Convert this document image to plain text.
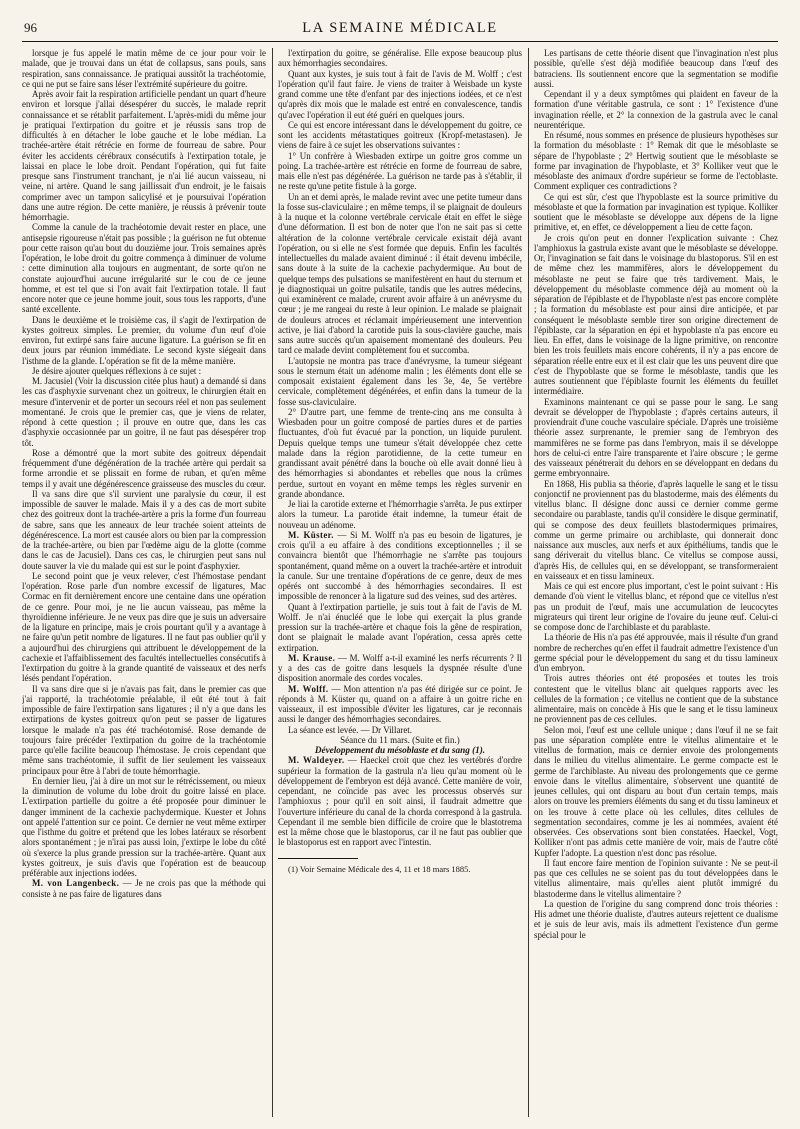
96	LA SEMAINE MÉDICALE

lorsque je fus appelé le matin même de ce jour pour voir le malade, que je trouvai dans un état de collapsus, sans pouls, sans respiration, sans connaissance. Je pratiquai aussitôt la trachéotomie, ce qui ne put se faire sans léser l'extrémité supérieure du goitre.

Après avoir fait la respiration artificielle pendant un quart d'heure environ et lorsque j'allai désespérer du succès, le malade reprit connaissance et se rétablit parfaitement. L'après-midi du même jour je pratiquai l'extirpation du goitre et je réussis sans trop de difficultés à en détacher le lobe gauche et le lobe médian. La trachée-artère était rétrécie en forme de fourreau de sabre. Pour éviter les accidents cérébraux consécutifs à l'extirpation totale, je laissai en place le lobe droit. Pendant l'opération, qui fut faite presque sans l'instrument tranchant, je n'ai lié aucun vaisseau, ni veine, ni artère. Quand le sang jaillissait d'un endroit, je le faisais comprimer avec un tampon salicylisé et je poursuivai l'opération dans une autre région. De cette manière, je réussis à prévenir toute hémorrhagie.

Comme la canule de la trachéotomie devait rester en place, une antisepsie rigoureuse n'était pas possible ; la guérison ne fut obtenue pour cette raison qu'au bout du douzième jour. Trois semaines après l'opération, le lobe droit du goitre commença à diminuer de volume : cette diminution alla toujours en augmentant, de sorte qu'on ne constate aujourd'hui aucune irrégularité sur le cou de ce jeune homme, et est tel que si l'on avait fait l'extirpation totale. Il faut encore noter que ce jeune homme jouit, sous tous les rapports, d'une santé excellente.

Dans le deuxième et le troisième cas, il s'agit de l'extirpation de kystes goitreux simples. Le premier, du volume d'un œuf d'oie environ, fut extirpé sans faire aucune ligature. La guérison se fit en deux jours par réunion immédiate. Le second kyste siégeait dans l'isthme de la glande. L'opération se fit de la même manière.

Je désire ajouter quelques réflexions à ce sujet :

M. Jacusiel (Voir la discussion citée plus haut) a demandé si dans les cas d'asphyxie survenant chez un goitreux, le chirurgien était en mesure d'intervenir et de porter un secours réel et non pas seulement momentané. Je crois que le premier cas, que je viens de relater, répond à cette question ; il prouve en outre que, dans les cas d'asphyxie occasionnée par un goitre, il ne faut pas désespérer trop tôt.

Rose a démontré que la mort subite des goitreux dépendait fréquemment d'une dégénération de la trachée artère qui perdait sa forme arrondie et se plissait en forme de ruban, et qu'en même temps il y avait une dégénérescence graisseuse des muscles du cœur.

Il va sans dire que s'il survient une paralysie du cœur, il est impossible de sauver le malade. Mais il y a des cas de mort subite chez des goitreux dont la trachée-artère a pris la forme d'un fourreau de sabre, sans que les anneaux de leur trachée soient atteints de dégénérescence. La mort est causée alors ou bien par la compression de la trachée-artère, ou bien par l'œdème aigu de la glotte (comme dans le cas de Jacusiel). Dans ces cas, le chirurgien peut sans nul doute sauver la vie du malade qui est sur le point d'asphyxier.

Le second point que je veux relever, c'est l'hémostase pendant l'opération. Rose parle d'un nombre excessif de ligatures, Mac Cormac en fit dernièrement encore une centaine dans une opération de ce genre. Pour moi, je ne lie aucun vaisseau, pas même la thyroïdienne inférieure. Je ne veux pas dire que je suis un adversaire de la ligature en principe, mais je crois pourtant qu'il y a avantage à ne faire qu'un petit nombre de ligatures. Il ne faut pas oublier qu'il y a aujourd'hui des chirurgiens qui attribuent le développement de la cachexie et l'affaiblissement des facultés intellectuelles consécutifs à l'extirpation du goitre à la grande quantité de vaisseaux et des nerfs lésés pendant l'opération.

Il va sans dire que si je n'avais pas fait, dans le premier cas que j'ai rapporté, la trachéotomie préalable, il eût été tout à fait impossible de faire l'extirpation sans ligatures ; il n'y a que dans les extirpations de kystes goitreux qu'on peut se passer de ligatures lorsque le malade n'a pas été trachéotomisé. Rose demande de toujours faire précéder l'extirpation du goitre de la trachéotomie parce qu'elle facilite beaucoup l'hémostase. Je crois cependant que même sans trachéotomie, il suffit de lier seulement les vaisseaux principaux pour être à l'abri de toute hémorrhagie.

En dernier lieu, j'ai à dire un mot sur le rétrécissement, ou mieux la diminution de volume du lobe droit du goitre laissé en place. L'extirpation partielle du goitre a été proposée pour diminuer le danger imminent de la cachexie pachydermique. Kuester et Johns ont appelé l'attention sur ce point. Ce dernier ne veut même extirper que l'isthme du goitre et prétend que les lobes latéraux se résorbent alors spontanément ; je n'irai pas aussi loin, j'extirpe le lobe du côté où s'exerce la plus grande pression sur la trachée-artère. Quant aux kystes goitreux, je suis d'avis que l'opération est de beaucoup préférable aux injections iodées.

M. von Langenbeck. — Je ne crois pas que la méthode qui consiste à ne pas faire de ligatures dans

l'extirpation du goitre, se généralise. Elle expose beaucoup plus aux hémorrhagies secondaires.

Quant aux kystes, je suis tout à fait de l'avis de M. Wolff ; c'est l'opération qu'il faut faire. Je viens de traiter à Weisbade un kyste grand comme une tête d'enfant par des injections iodées, et ce n'est qu'après dix mois que le malade est entré en convalescence, tandis qu'avec l'opération il eut été guéri en quelques jours.

Ce qui est encore intéressant dans le développement du goitre, ce sont les accidents métastatiques goitreux (Kropf-metastasen). Je viens de faire à ce sujet les observations suivantes :

1° Un confrère à Wiesbaden extirpe un goitre gros comme un poing. La trachée-artère est rétrécie en forme de fourreau de sabre, mais elle n'est pas dégénérée. La guérison ne tarde pas à s'établir, il ne reste qu'une petite fistule à la gorge.

Un an et demi après, le malade revint avec une petite tumeur dans la fosse sus-claviculaire ; en même temps, il se plaignait de douleurs à la nuque et la colonne vertébrale cervicale était en effet le siège d'une déformation. Il est bon de noter que l'on ne sait pas si cette altération de la colonne vertébrale cervicale existait déjà avant l'opération, ou si elle ne s'est formée que depuis. Enfin les facultés intellectuelles du malade avaient diminué : il était devenu imbécile, sans doute à la suite de la cachexie pachydermique. Au bout de quelque temps des pulsations se manifestèrent en haut du sternum et je diagnostiquai un goitre pulsatile, tandis que les autres médecins, qui examinèrent ce malade, crurent avoir affaire à un anévrysme du cœur ; je me rangeai du reste à leur opinion. Le malade se plaignait de douleurs atroces et réclamait impérieusement une intervention active, je liai d'abord la carotide puis la sous-clavière gauche, mais sans autre succès qu'un apaisement momentané des douleurs. Peu tard ce malade devint complètement fou et succomba.

L'autopsie ne montra pas trace d'anévrysme, la tumeur siégeant sous le sternum était un adénome malin ; les éléments dont elle se composait existaient également dans les 3e, 4e, 5e vertèbre cervicale, complètement dégénérées, et enfin dans la tumeur de la fosse sus-claviculaire.

2° D'autre part, une femme de trente-cinq ans me consulta à Wiesbaden pour un goitre composé de parties dures et de parties fluctuantes, d'où fut évacué par la ponction, un liquide purulent. Depuis quelque temps une tumeur s'était développée chez cette malade dans la région parotidienne, de la cette tumeur en grandissant avait pénétré dans la bouche où elle avait donné lieu à des hémorrhagies si abondantes et rebelles que nous la crûmes perdue, surtout en voyant en même temps les règles survenir en grande abondance.

Je liai la carotide externe et l'hémorrhagie s'arrêta. Je pus extirper alors la tumeur. La parotide était indemne, la tumeur était de nouveau un adénome.

M. Küster. — Si M. Wolff n'a pas eu besoin de ligatures, je crois qu'il a eu affaire à des conditions exceptionnelles ; il se convaincra bientôt que l'hémorrhagie ne s'arrête pas toujours spontanément, quand même on a ouvert la trachée-artère et introduit la canule. Sur une trentaine d'opérations de ce genre, deux de mes opérés ont succombé à des hémorrhagies secondaires. Il est impossible de renoncer à la ligature sud des veines, sud des artères.

Quant à l'extirpation partielle, je suis tout à fait de l'avis de M. Wolff. Je n'ai énucléé que le lobe qui exerçait la plus grande pression sur la trachée-artère et chaque fois la gêne de respiration, dont se plaignait le malade avant l'opération, cessa après cette extirpation.

M. Krause. — M. Wolff a-t-il examiné les nerfs récurrents ? Il y a des cas de goitre dans lesquels la dyspnée résulte d'une disposition anormale des cordes vocales.

M. Wolff. — Mon attention n'a pas été dirigée sur ce point. Je réponds à M. Küster qu, quand on a affaire à un goitre riche en vaisseaux, il est impossible d'éviter les ligatures, car je reconnais aussi le danger des hémorrhagies secondaires.

La séance est levée. — Dr Villaret.

Séance du 11 mars. (Suite et fin.)

Développement du mésoblaste et du sang (1).

M. Waldeyer. — Haeckel croit que chez les vertébrés d'ordre supérieur la formation de la gastrula n'a lieu qu'au moment où le développement de l'embryon est déjà avancé. Cette manière de voir, cependant, ne coïncide pas avec les processus observés sur l'amphioxus ; pour qu'il en soit ainsi, il faudrait admettre que l'ouverture inférieure du canal de la chorda correspond à la gastrula. Cependant il me semble bien difficile de croire que le blastotrema est la même chose que le blastoporus, car il ne faut pas oublier que le blastoporus est en rapport avec l'intestin.

(1) Voir Semaine Médicale des 4, 11 et 18 mars 1885.

Les partisans de cette théorie disent que l'invagination n'est plus possible, qu'elle s'est déjà modifiée beaucoup dans l'œuf des batraciens. Ils soutiennent encore que la segmentation se modifie aussi.

Cependant il y a deux symptômes qui plaident en faveur de la formation d'une véritable gastrula, ce sont : 1° l'existence d'une invagination réelle, et 2° la connexion de la gastrula avec le canal neurentérique.

En résumé, nous sommes en présence de plusieurs hypothèses sur la formation du mésoblaste : 1° Remak dit que le mésoblaste se sépare de l'hypoblaste ; 2° Hertwig soutient que le mésoblaste se forme par invagination de l'hypoblaste, et 3° Kolliker veut que le mésoblaste des animaux d'ordre supérieur se forme de l'ectoblaste. Comment expliquer ces contradictions ?

Ce qui est sûr, c'est que l'hypoblaste est la source primitive du mésoblaste et que la formation par invagination est typique. Kolliker soutient que le mésoblaste se développe aux dépens de la ligne primitive, et, en effet, ce développement a lieu de cette façon.

Je crois qu'on peut en donner l'explication suivante : Chez l'amphioxus la gastrula existe avant que le mésoblaste se développe. Or, l'invagination se fait dans le voisinage du blastoporus. S'il en est de même chez les mammifères, alors le développement du mésoblaste ne peut se faire que très tardivement. Mais, le développement du mésoblaste commence déjà au moment où la séparation de l'épiblaste et de l'hypoblaste n'est pas encore complète ; la formation du mésoblaste est pour ainsi dire anticipée, et par conséquent le mésoblaste semble tirer son origine directement de l'épiblaste, car la séparation en épi et hypoblaste n'a pas encore eu lieu. En effet, dans le voisinage de la ligne primitive, on rencontre bien les trois feuillets mais encore cohérents, il n'y a pas encore de séparation réelle entre eux et il est clair que les uns peuvent dire que c'est de l'hypoblaste que se forme le mésoblaste, tandis que les autres soutiennent que l'épiblaste fournit les éléments du feuillet intermédiaire.

Examinons maintenant ce qui se passe pour le sang. Le sang devrait se développer de l'hypoblaste ; d'après certains auteurs, il proviendrait d'une couche vasculaire spéciale. D'après une troisième théorie assez surprenante, le premier sang de l'embryon des mammifères ne se forme pas dans l'embryon, mais il se développe hors de celui-ci entre l'aire transparente et l'aire obscure ; le germe des vaisseaux pénétrerait du dehors en se développant en dedans du germe embryonnaire.

En 1868, His publia sa théorie, d'après laquelle le sang et le tissu conjonctif ne proviennent pas du blastoderme, mais des éléments du vitellus blanc. Il désigne donc aussi ce dernier comme germe secondaire ou parablaste, tandis qu'il considère le disque germinatif, qui se compose des deux feuillets blastodermiques primaires, comme un germe primaire ou archiblaste, qui donnerait donc naissance aux muscles, aux nerfs et aux épithéliums, tandis que le sang dériverait du vitellus blanc. Ce vitellus se compose aussi, d'après His, de cellules qui, en se développant, se transformeraient en vaisseaux et en tissu lamineux.

Mais ce qui est encore plus important, c'est le point suivant : His demande d'où vient le vitellus blanc, et répond que ce vitellus n'est pas un produit de l'œuf, mais une accumulation de leucocytes migrateurs qui tirent leur origine de l'ovaire du jeune œuf. Celui-ci se compose donc de l'archiblaste et du parablaste.

La théorie de His n'a pas été approuvée, mais il résulte d'un grand nombre de recherches qu'en effet il faudrait admettre l'existence d'un germe spécial pour le développement du sang et du tissu lamineux d'un embryon.

Trois autres théories ont été proposées et toutes les trois contestent que le vitellus blanc ait quelques rapports avec les cellules de la formation ; ce vitellus ne contient que de la substance alimentaire, mais on concède à His que le sang et le tissu lamineux ne proviennent pas de ces cellules.

Selon moi, l'œuf est une cellule unique ; dans l'œuf il ne se fait pas une séparation complète entre le vitellus alimentaire et le vitellus de formation, mais ce dernier envoie des prolongements dans le milieu du vitellus alimentaire. Le germe compacte est le germe de l'archiblaste. Au niveau des prolongements que ce germe envoie dans le vitellus alimentaire, s'observent une quantité de jeunes cellules, qui ont disparu au bout d'un certain temps, mais alors on trouve les premiers éléments du sang et du tissu lamineux et on les trouve à cette place où les cellules, dites cellules de segmentation secondaires, comme je les ai nommées, avaient été observées. Ces observations sont bien constatées. Haeckel, Vogt, Kolliker n'ont pas admis cette manière de voir, mais de l'autre côté Kupfer l'adopte. La question n'est donc pas résolue.

Il faut encore faire mention de l'opinion suivante : Ne se peut-il pas que ces cellules ne se soient pas du tout développées dans le vitellus alimentaire, mais qu'elles aient plutôt immigré du blastoderme dans le vitellus alimentaire ?

La question de l'origine du sang comprend donc trois théories : His admet une théorie dualiste, d'autres auteurs rejettent ce dualisme et je suis de leur avis, mais ils admettent l'existence d'un germe spécial pour le
